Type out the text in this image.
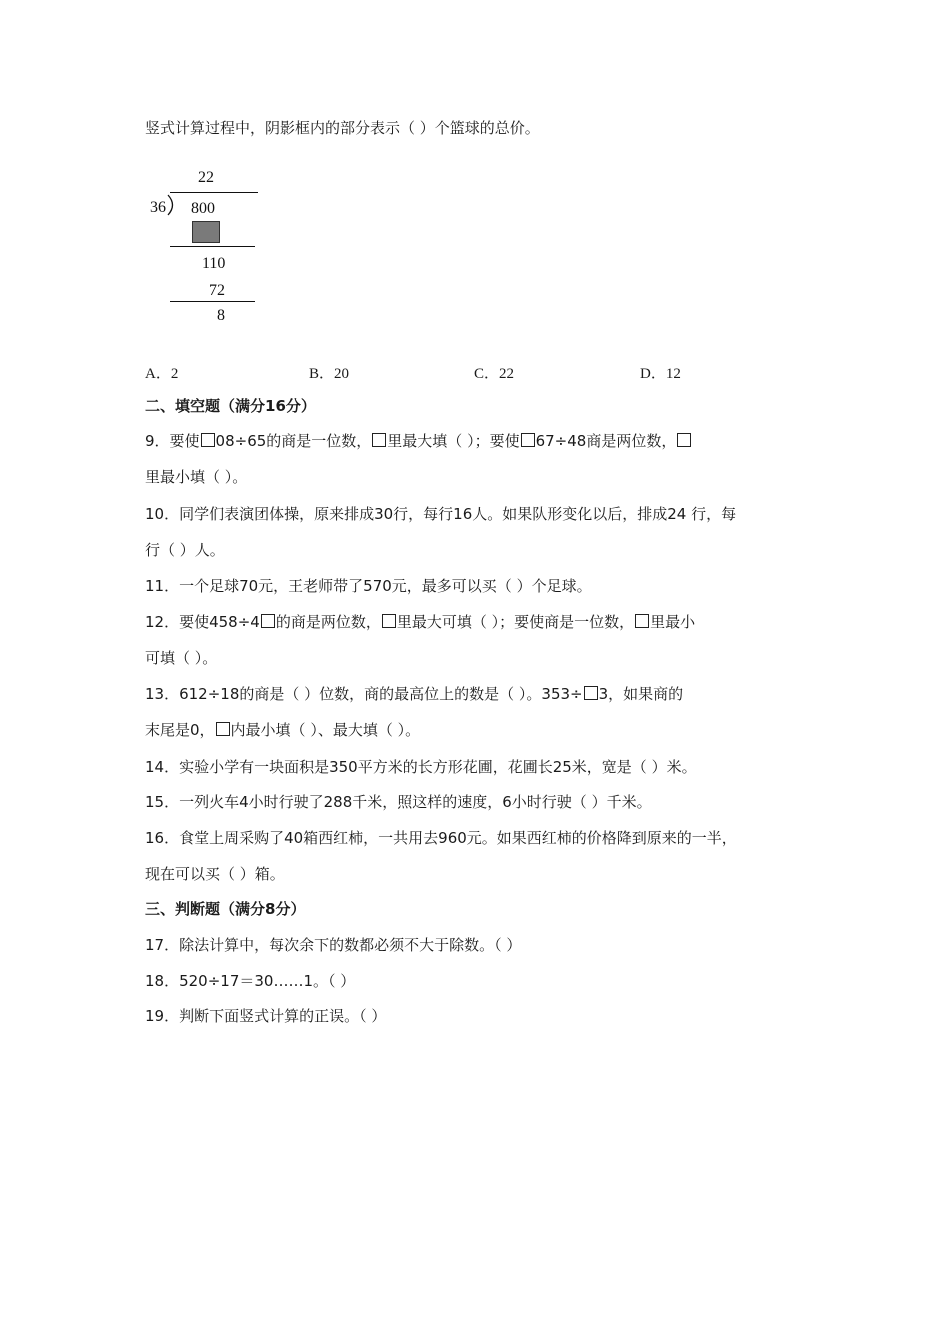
竖式计算过程中，阴影框内的部分表示（ ）个篮球的总价。
22
36 800
110
72
8
A．2	B．20	C．22	D．12
二、填空题（满分16分）
9．要使 08÷65的商是一位数， 里最大填（ ）；要使 67÷48商是两位数，
里最小填（ ）。
10．同学们表演团体操，原来排成30行，每行16人。如果队形变化以后，排成24 行，每
行（ ）人。
11．一个足球70元，王老师带了570元，最多可以买（ ）个足球。
12．要使458÷4 的商是两位数， 里最大可填（ ）；要使商是一位数， 里最小
可填（ ）。
13．612÷18的商是（ ）位数，商的最高位上的数是（ ）。353÷ 3，如果商的
末尾是0， 内最小填（ ）、最大填（ ）。
14．实验小学有一块面积是350平方米的长方形花圃，花圃长25米，宽是（ ）米。
15．一列火车4小时行驶了288千米，照这样的速度，6小时行驶（ ）千米。
16．食堂上周采购了40箱西红柿，一共用去960元。如果西红柿的价格降到原来的一半，
现在可以买（ ）箱。
三、判断题（满分8分）
17．除法计算中，每次余下的数都必须不大于除数。（ ）
18．520÷17＝30……1。（ ）
19．判断下面竖式计算的正误。（ ）
